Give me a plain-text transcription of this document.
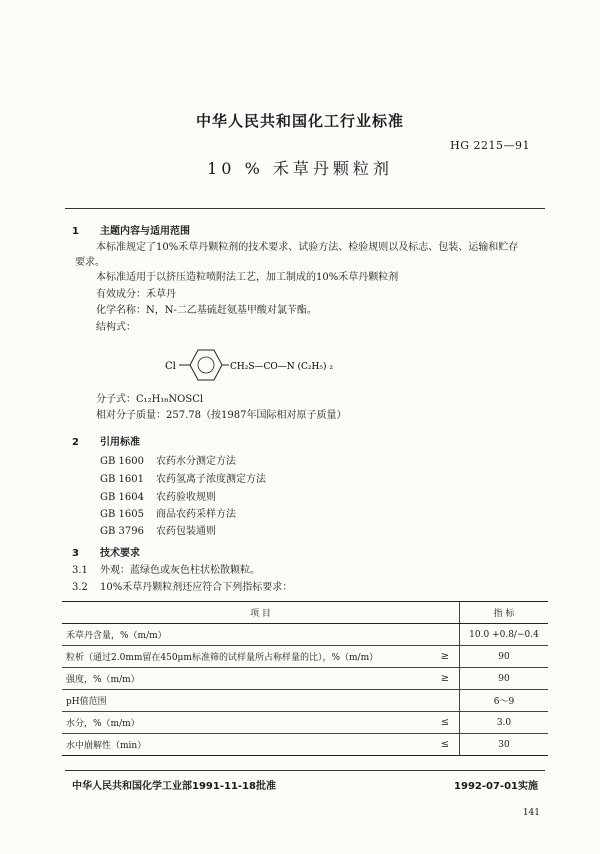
中华人民共和国化工行业标准
HG 2215—91
10 % 禾草丹颗粒剂
1 主题内容与适用范围
本标准规定了10%禾草丹颗粒剂的技术要求、试验方法、检验规则以及标志、包装、运输和贮存
要求。
本标准适用于以挤压造粒喷附法工艺，加工制成的10%禾草丹颗粒剂
有效成分：禾草丹
化学名称：N，N-二乙基硫赶氨基甲酸对氯苄酯。
结构式：
Cl	CH₂S—CO—N (C₂H₅) ₂
分子式：C₁₂H₁₆NOSCl
相对分子质量：257.78（按1987年国际相对原子质量）
2 引用标准
GB 1600 农药水分测定方法
GB 1601 农药氢离子浓度测定方法
GB 1604 农药验收规则
GB 1605 商品农药采样方法
GB 3796 农药包装通则
3 技术要求
3.1 外观：蓝绿色或灰色柱状松散颗粒。
3.2 10%禾草丹颗粒剂还应符合下列指标要求：
项 目		指 标
禾草丹含量，%（m/m）		10.0 +0.8/−0.4
粒析（通过2.0mm留在450μm标准筛的试样量所占称样量的比），%（m/m）	≥	90
强度，%（m/m）	≥	90
pH值范围		6～9
水分，%（m/m）	≤	3.0
水中崩解性（min）	≤	30
中华人民共和国化学工业部1991-11-18批准	1992-07-01实施
141
